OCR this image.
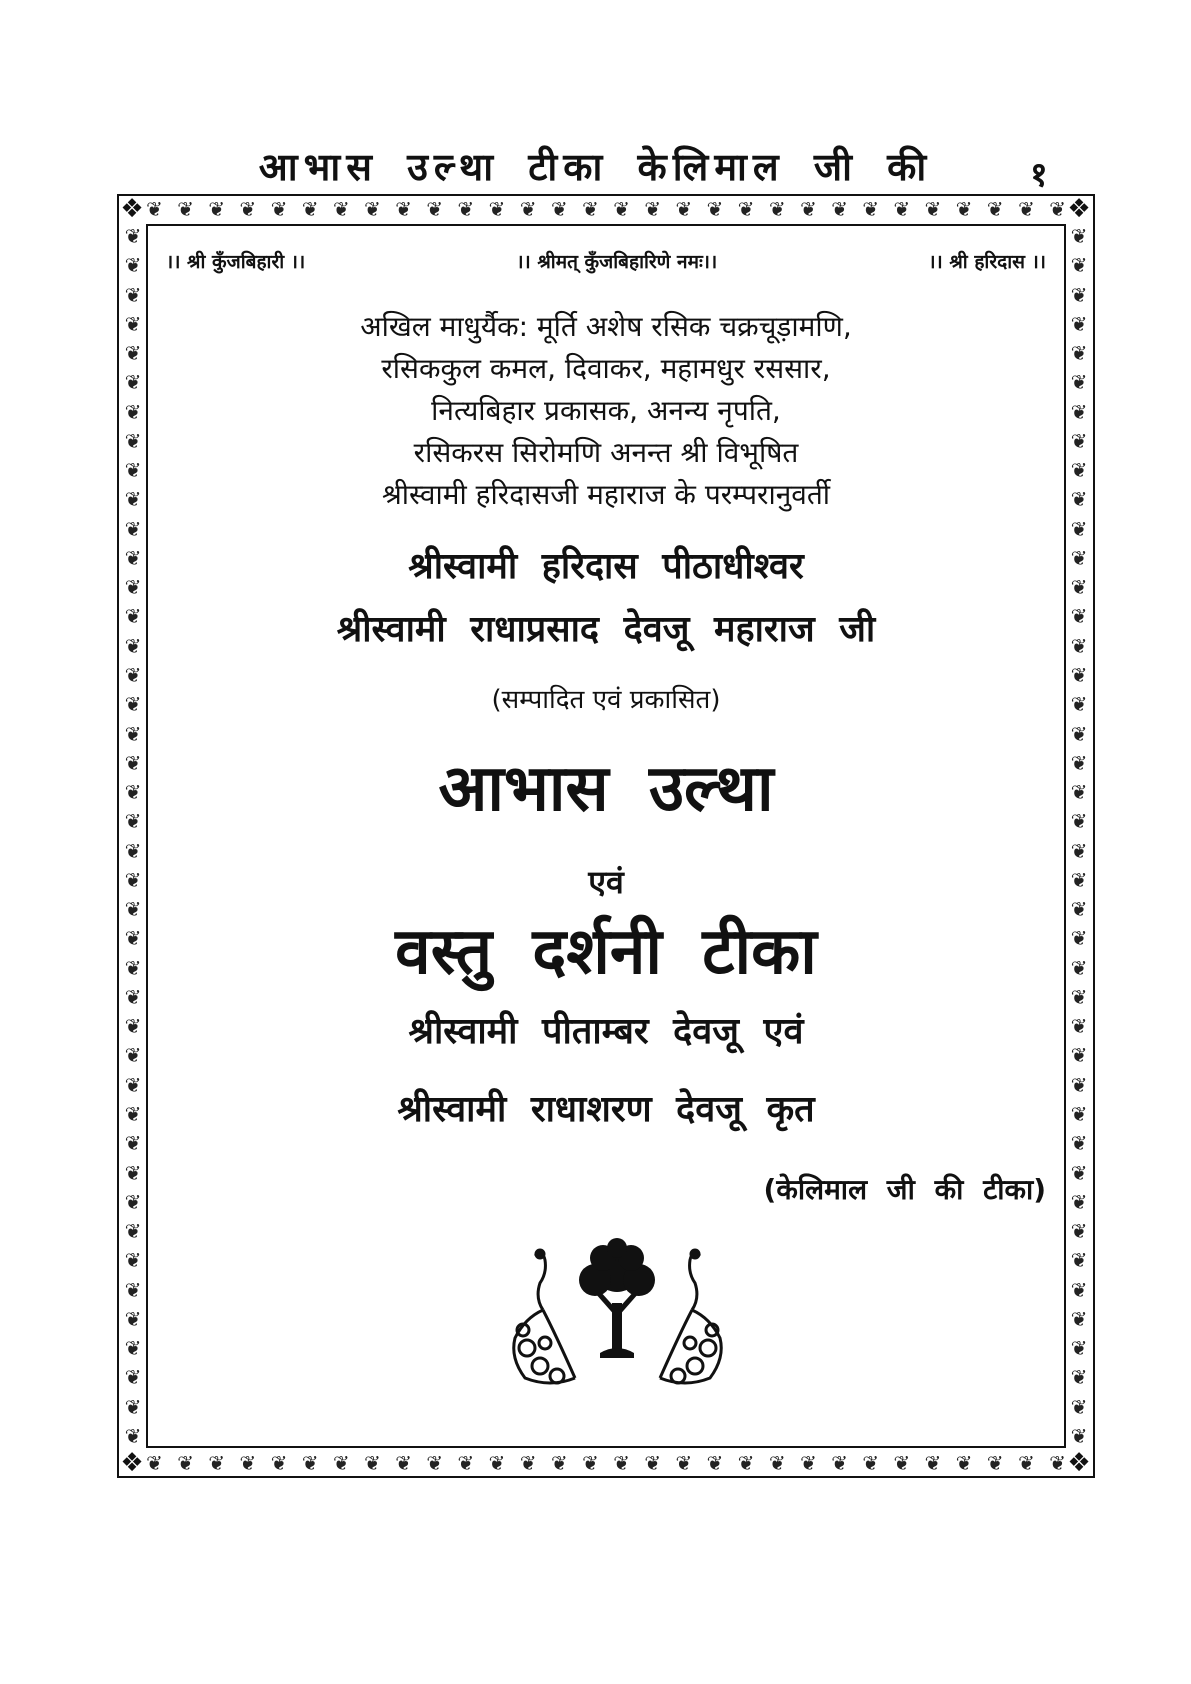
आभास उल्था टीका केलिमाल जी की	१
❦ ❦ ❦ ❦ ❦ ❦ ❦ ❦ ❦ ❦ ❦ ❦ ❦ ❦ ❦ ❦ ❦ ❦ ❦ ❦ ❦ ❦ ❦ ❦ ❦ ❦ ❦ ❦ ❦ ❦
❦ ❦ ❦ ❦ ❦ ❦ ❦ ❦ ❦ ❦ ❦ ❦ ❦ ❦ ❦ ❦ ❦ ❦ ❦ ❦ ❦ ❦ ❦ ❦ ❦ ❦ ❦ ❦ ❦ ❦
❦
❦
❦
❦
❦
❦
❦
❦
❦
❦
❦
❦
❦
❦
❦
❦
❦
❦
❦
❦
❦
❦
❦
❦
❦
❦
❦
❦
❦
❦
❦
❦
❦
❦
❦
❦
❦
❦
❦
❦
❦
❦
❦
❦
❦
❦
❦
❦
❦
❦
❦
❦
❦
❦
❦
❦
❦
❦
❦
❦
❦
❦
❦
❦
❦
❦
❦
❦
❦
❦
❦
❦
❦
❦
❦
❦
❦
❦
❦
❦
❦
❦
❦
❦
❖	❖
❖	❖
।। श्री कुँजबिहारी ।।	।। श्रीमत् कुँजबिहारिणे नमः।।	।। श्री हरिदास ।।
अखिल माधुर्यैक: मूर्ति अशेष रसिक चक्रचूड़ामणि,
रसिककुल कमल, दिवाकर, महामधुर रससार,
नित्यबिहार प्रकासक, अनन्य नृपति,
रसिकरस सिरोमणि अनन्त श्री विभूषित
श्रीस्वामी हरिदासजी महाराज के परम्परानुवर्ती
श्रीस्वामी हरिदास पीठाधीश्वर
श्रीस्वामी राधाप्रसाद देवजू महाराज जी
(सम्पादित एवं प्रकासित)
आभास उल्था
एवं
वस्तु दर्शनी टीका
श्रीस्वामी पीताम्बर देवजू एवं
श्रीस्वामी राधाशरण देवजू कृत
(केलिमाल जी की टीका)
